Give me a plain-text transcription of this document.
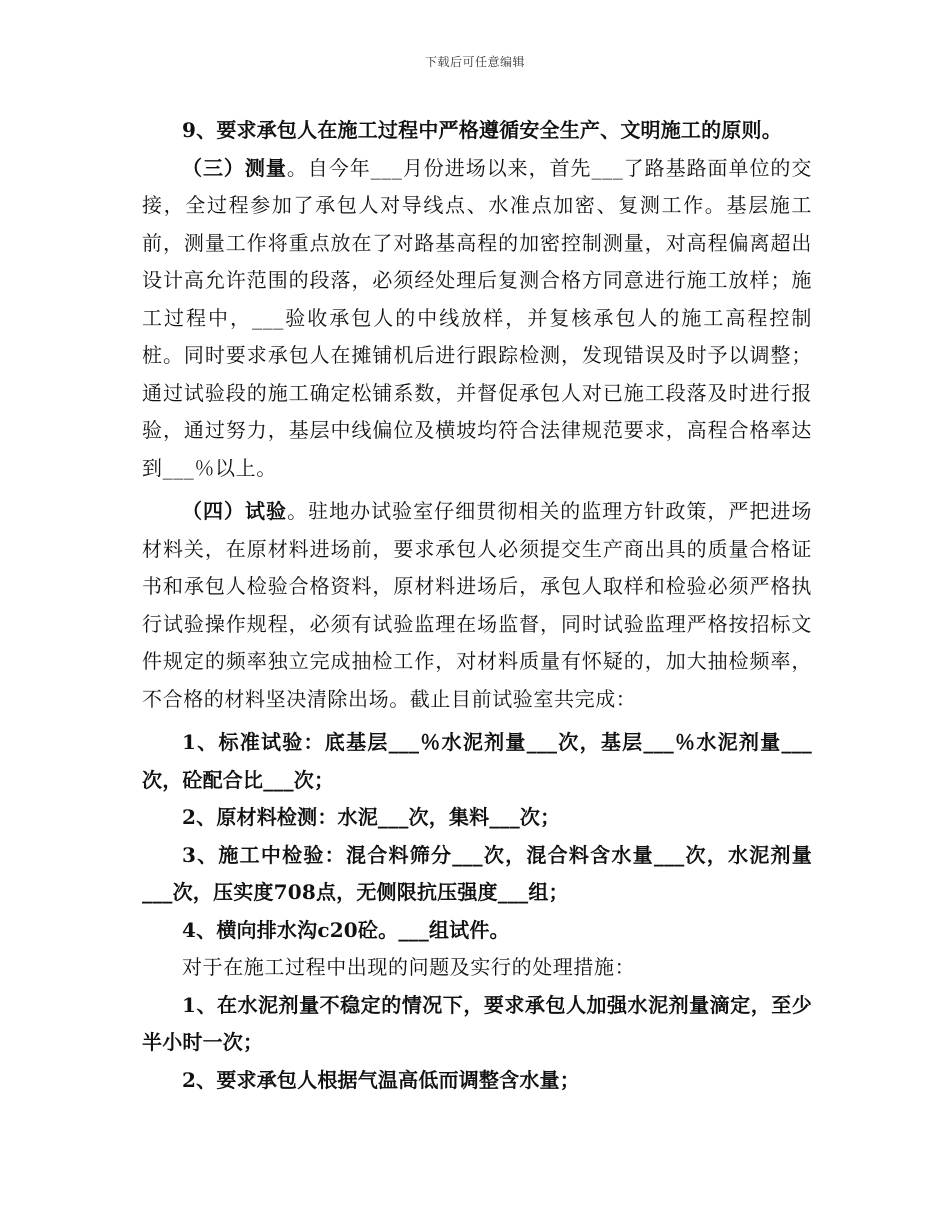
下载后可任意编辑

9、要求承包人在施工过程中严格遵循安全生产、文明施工的原则。

（三）测量。自今年___月份进场以来，首先___了路基路面单位的交接，全过程参加了承包人对导线点、水准点加密、复测工作。基层施工前，测量工作将重点放在了对路基高程的加密控制测量，对高程偏离超出设计高允许范围的段落，必须经处理后复测合格方同意进行施工放样；施工过程中，___验收承包人的中线放样，并复核承包人的施工高程控制桩。同时要求承包人在摊铺机后进行跟踪检测，发现错误及时予以调整；通过试验段的施工确定松铺系数，并督促承包人对已施工段落及时进行报验，通过努力，基层中线偏位及横坡均符合法律规范要求，高程合格率达到___％以上。

（四）试验。驻地办试验室仔细贯彻相关的监理方针政策，严把进场材料关，在原材料进场前，要求承包人必须提交生产商出具的质量合格证书和承包人检验合格资料，原材料进场后，承包人取样和检验必须严格执行试验操作规程，必须有试验监理在场监督，同时试验监理严格按招标文件规定的频率独立完成抽检工作，对材料质量有怀疑的，加大抽检频率，不合格的材料坚决清除出场。截止目前试验室共完成：

1、标准试验：底基层___％水泥剂量___次，基层___％水泥剂量___次，砼配合比___次；

2、原材料检测：水泥___次，集料___次；

3、施工中检验：混合料筛分___次，混合料含水量___次，水泥剂量___次，压实度708点，无侧限抗压强度___组；

4、横向排水沟c20砼。___组试件。

对于在施工过程中出现的问题及实行的处理措施：

1、在水泥剂量不稳定的情况下，要求承包人加强水泥剂量滴定，至少半小时一次；

2、要求承包人根据气温高低而调整含水量；
